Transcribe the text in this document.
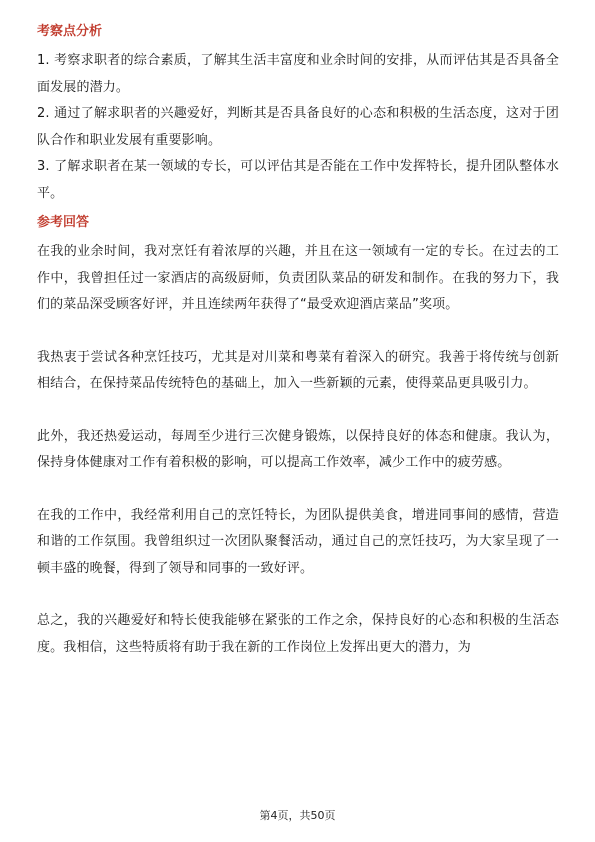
考察点分析

1. 考察求职者的综合素质，了解其生活丰富度和业余时间的安排，从而评估其是否具备全面发展的潜力。

2. 通过了解求职者的兴趣爱好，判断其是否具备良好的心态和积极的生活态度，这对于团队合作和职业发展有重要影响。

3. 了解求职者在某一领域的专长，可以评估其是否能在工作中发挥特长，提升团队整体水平。

参考回答

在我的业余时间，我对烹饪有着浓厚的兴趣，并且在这一领域有一定的专长。在过去的工作中，我曾担任过一家酒店的高级厨师，负责团队菜品的研发和制作。在我的努力下，我们的菜品深受顾客好评，并且连续两年获得了“最受欢迎酒店菜品”奖项。

我热衷于尝试各种烹饪技巧，尤其是对川菜和粤菜有着深入的研究。我善于将传统与创新相结合，在保持菜品传统特色的基础上，加入一些新颖的元素，使得菜品更具吸引力。

此外，我还热爱运动，每周至少进行三次健身锻炼，以保持良好的体态和健康。我认为，保持身体健康对工作有着积极的影响，可以提高工作效率，减少工作中的疲劳感。

在我的工作中，我经常利用自己的烹饪特长，为团队提供美食，增进同事间的感情，营造和谐的工作氛围。我曾组织过一次团队聚餐活动，通过自己的烹饪技巧，为大家呈现了一顿丰盛的晚餐，得到了领导和同事的一致好评。

总之，我的兴趣爱好和特长使我能够在紧张的工作之余，保持良好的心态和积极的生活态度。我相信，这些特质将有助于我在新的工作岗位上发挥出更大的潜力，为

第4页，共50页
